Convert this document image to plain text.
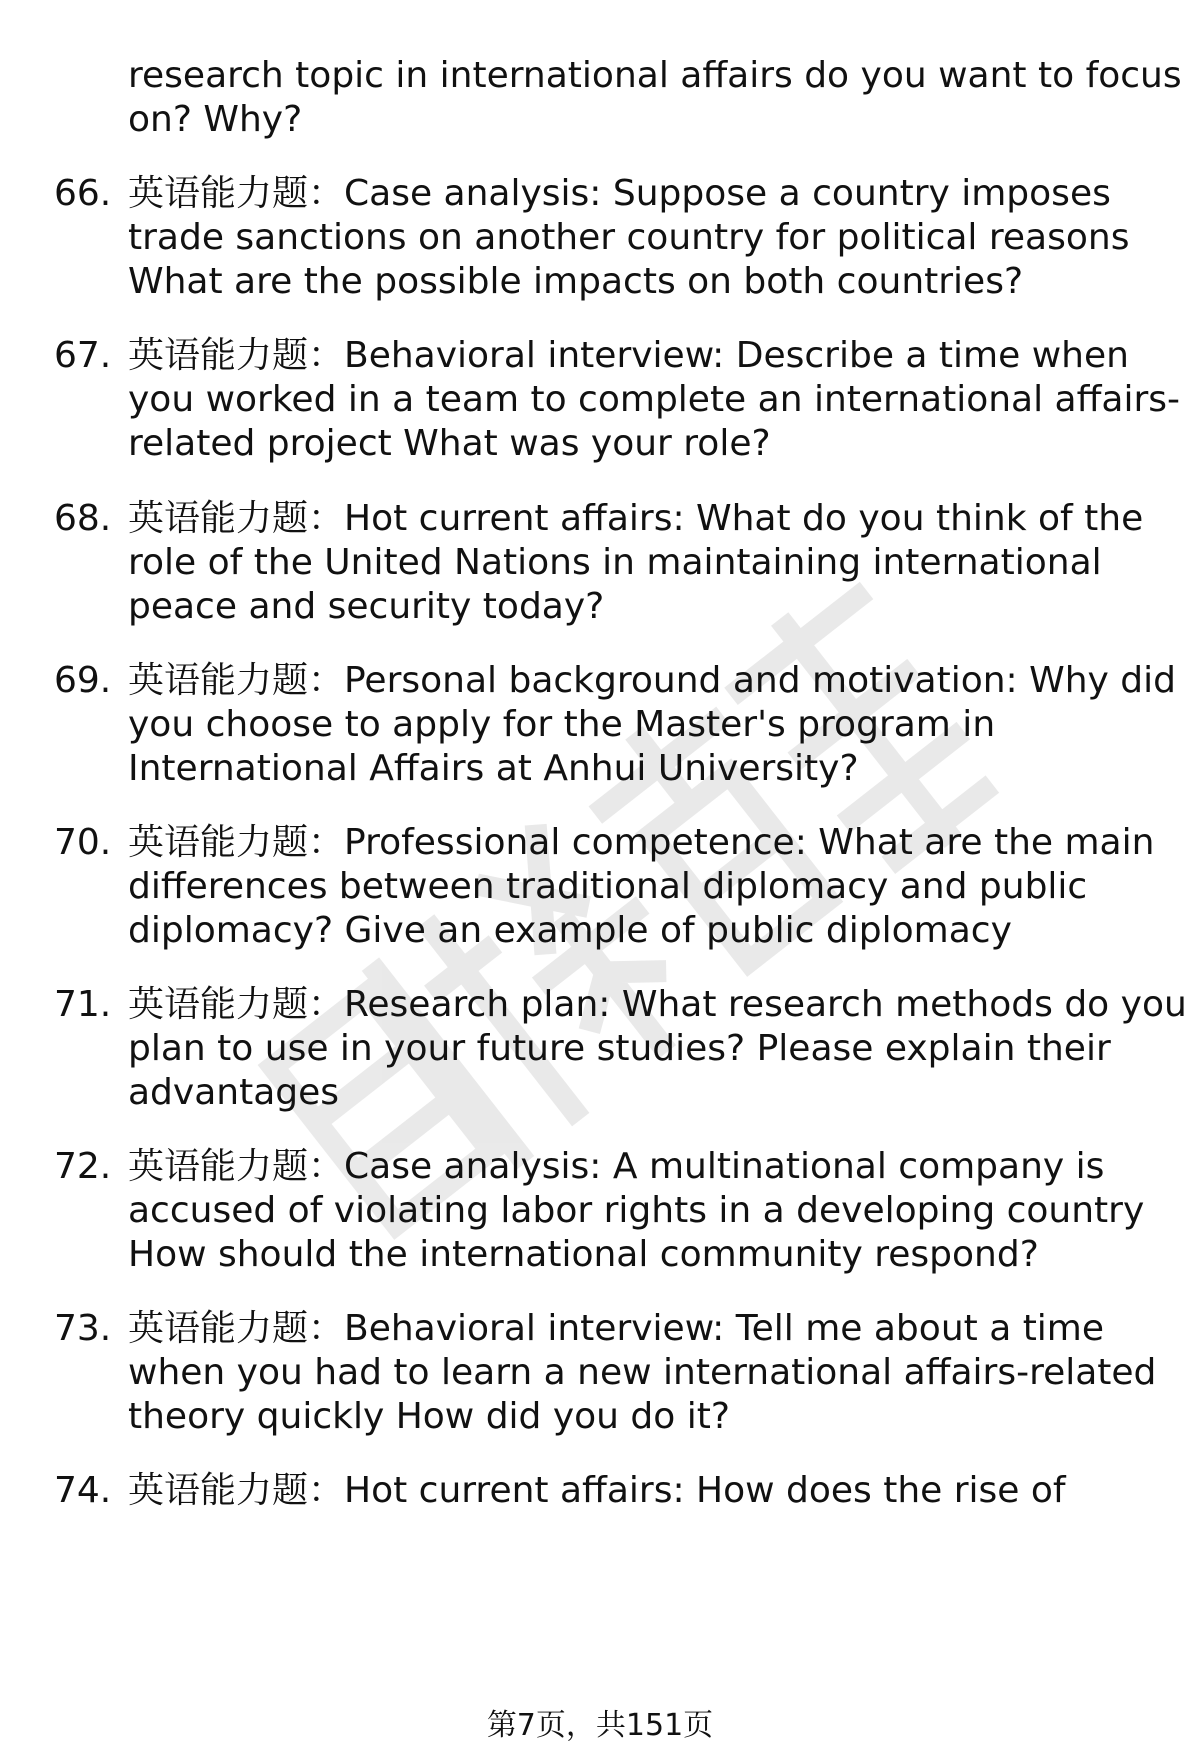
research topic in international affairs do you want to focus
on? Why?
66. 英语能力题：Case analysis: Suppose a country imposes
trade sanctions on another country for political reasons
What are the possible impacts on both countries?
67. 英语能力题：Behavioral interview: Describe a time when
you worked in a team to complete an international affairs-
related project What was your role?
68. 英语能力题：Hot current affairs: What do you think of the
role of the United Nations in maintaining international
peace and security today?
69. 英语能力题：Personal background and motivation: Why did
you choose to apply for the Master's program in
International Affairs at Anhui University?
70. 英语能力题：Professional competence: What are the main
differences between traditional diplomacy and public
diplomacy? Give an example of public diplomacy
71. 英语能力题：Research plan: What research methods do you
plan to use in your future studies? Please explain their
advantages
72. 英语能力题：Case analysis: A multinational company is
accused of violating labor rights in a developing country
How should the international community respond?
73. 英语能力题：Behavioral interview: Tell me about a time
when you had to learn a new international affairs-related
theory quickly How did you do it?
74. 英语能力题：Hot current affairs: How does the rise of
第7页，共151页
